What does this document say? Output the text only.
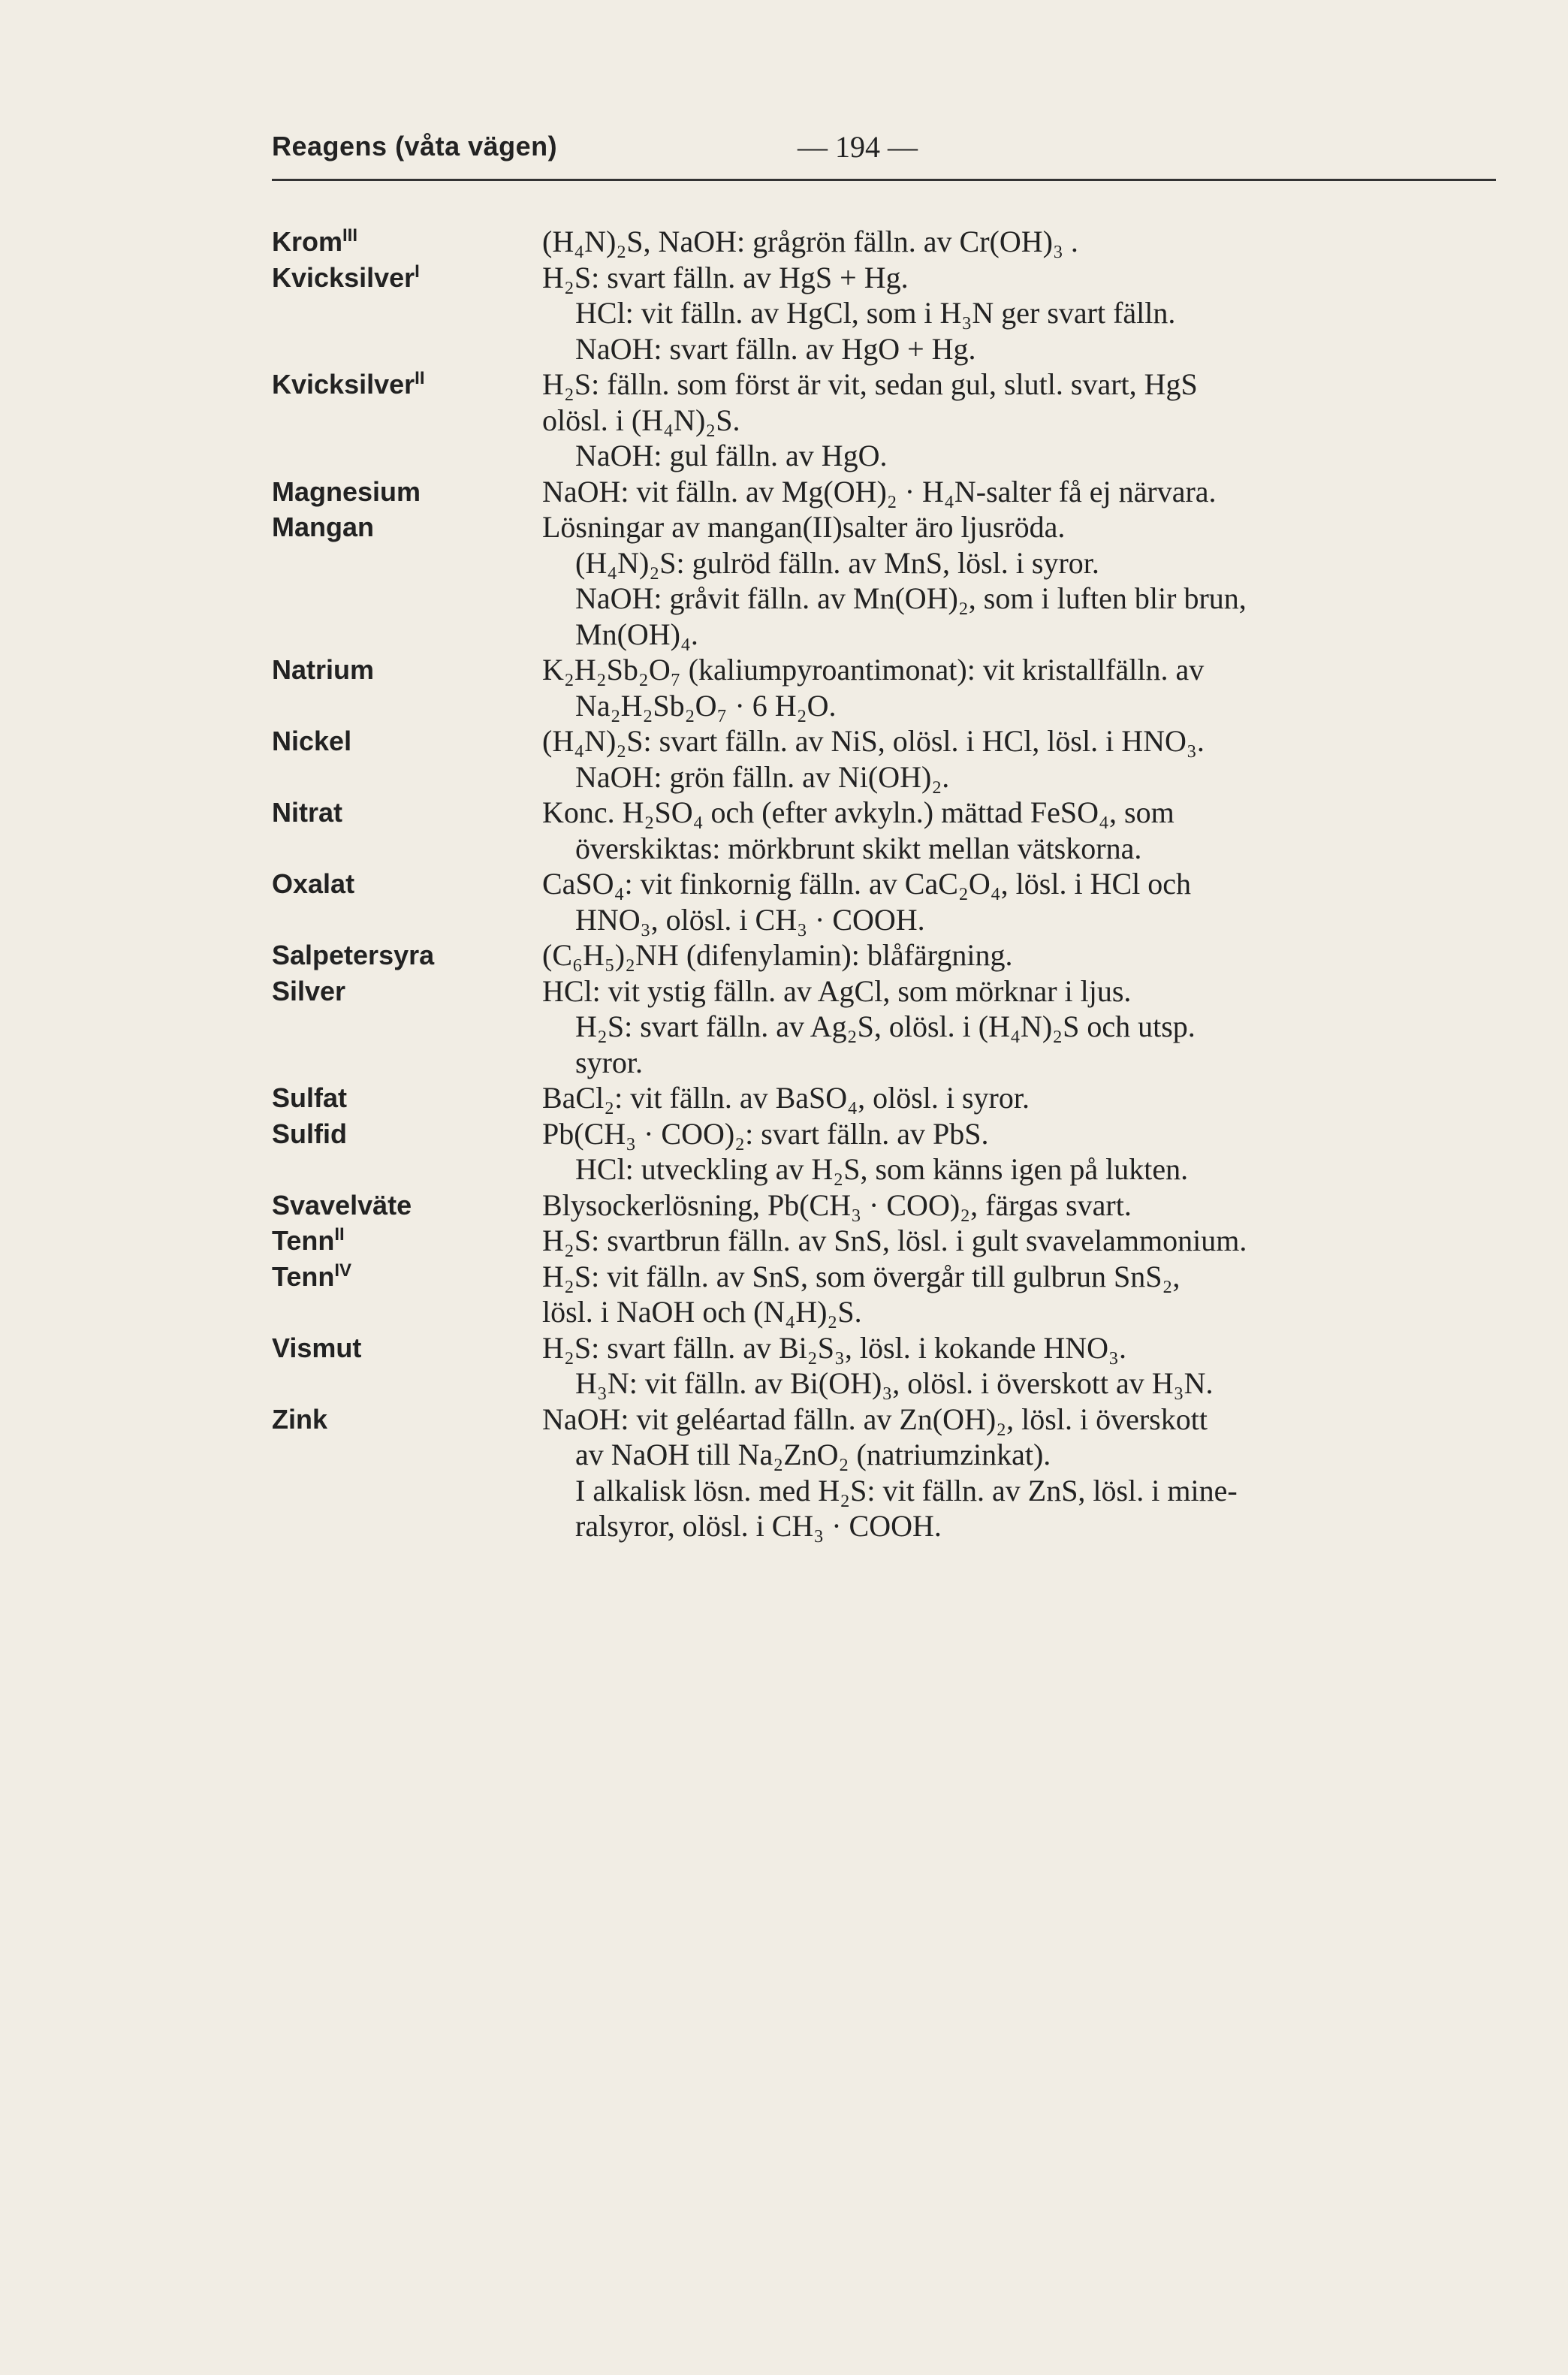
Reagens (våta vägen)	— 194 —
Krom$^{III}$	(H₄N)₂S, NaOH: grågrön fälln. av Cr(OH)₃ .
Kvicksilver$^I$	H₂S: svart fälln. av HgS + Hg.
HCl: vit fälln. av HgCl, som i H₃N ger svart fälln.
NaOH: svart fälln. av HgO + Hg.
Kvicksilver$^{II}$	H₂S: fälln. som först är vit, sedan gul, slutl. svart, HgS
olösl. i (H₄N)₂S.
NaOH: gul fälln. av HgO.
Magnesium	NaOH: vit fälln. av Mg(OH)₂ · H₄N-salter få ej närvara.
Mangan	Lösningar av mangan(II)salter äro ljusröda.
(H₄N)₂S: gulröd fälln. av MnS, lösl. i syror.
NaOH: gråvit fälln. av Mn(OH)₂, som i luften blir brun,
Mn(OH)₄.
Natrium	K₂H₂Sb₂O₇ (kaliumpyroantimonat): vit kristallfälln. av
Na₂H₂Sb₂O₇ · 6 H₂O.
Nickel	(H₄N)₂S: svart fälln. av NiS, olösl. i HCl, lösl. i HNO₃.
NaOH: grön fälln. av Ni(OH)₂.
Nitrat	Konc. H₂SO₄ och (efter avkyln.) mättad FeSO₄, som
överskiktas: mörkbrunt skikt mellan vätskorna.
Oxalat	CaSO₄: vit finkornig fälln. av CaC₂O₄, lösl. i HCl och
HNO₃, olösl. i CH₃ · COOH.
Salpetersyra	(C₆H₅)₂NH (difenylamin): blåfärgning.
Silver	HCl: vit ystig fälln. av AgCl, som mörknar i ljus.
H₂S: svart fälln. av Ag₂S, olösl. i (H₄N)₂S och utsp.
syror.
Sulfat	BaCl₂: vit fälln. av BaSO₄, olösl. i syror.
Sulfid	Pb(CH₃ · COO)₂: svart fälln. av PbS.
HCl: utveckling av H₂S, som känns igen på lukten.
Svavelväte	Blysockerlösning, Pb(CH₃ · COO)₂, färgas svart.
Tenn$^{II}$	H₂S: svartbrun fälln. av SnS, lösl. i gult svavelammonium.
Tenn$^{IV}$	H₂S: vit fälln. av SnS, som övergår till gulbrun SnS₂,
lösl. i NaOH och (N₄H)₂S.
Vismut	H₂S: svart fälln. av Bi₂S₃, lösl. i kokande HNO₃.
H₃N: vit fälln. av Bi(OH)₃, olösl. i överskott av H₃N.
Zink	NaOH: vit geléartad fälln. av Zn(OH)₂, lösl. i överskott
av NaOH till Na₂ZnO₂ (natriumzinkat).
I alkalisk lösn. med H₂S: vit fälln. av ZnS, lösl. i mine-
ralsyror, olösl. i CH₃ · COOH.
